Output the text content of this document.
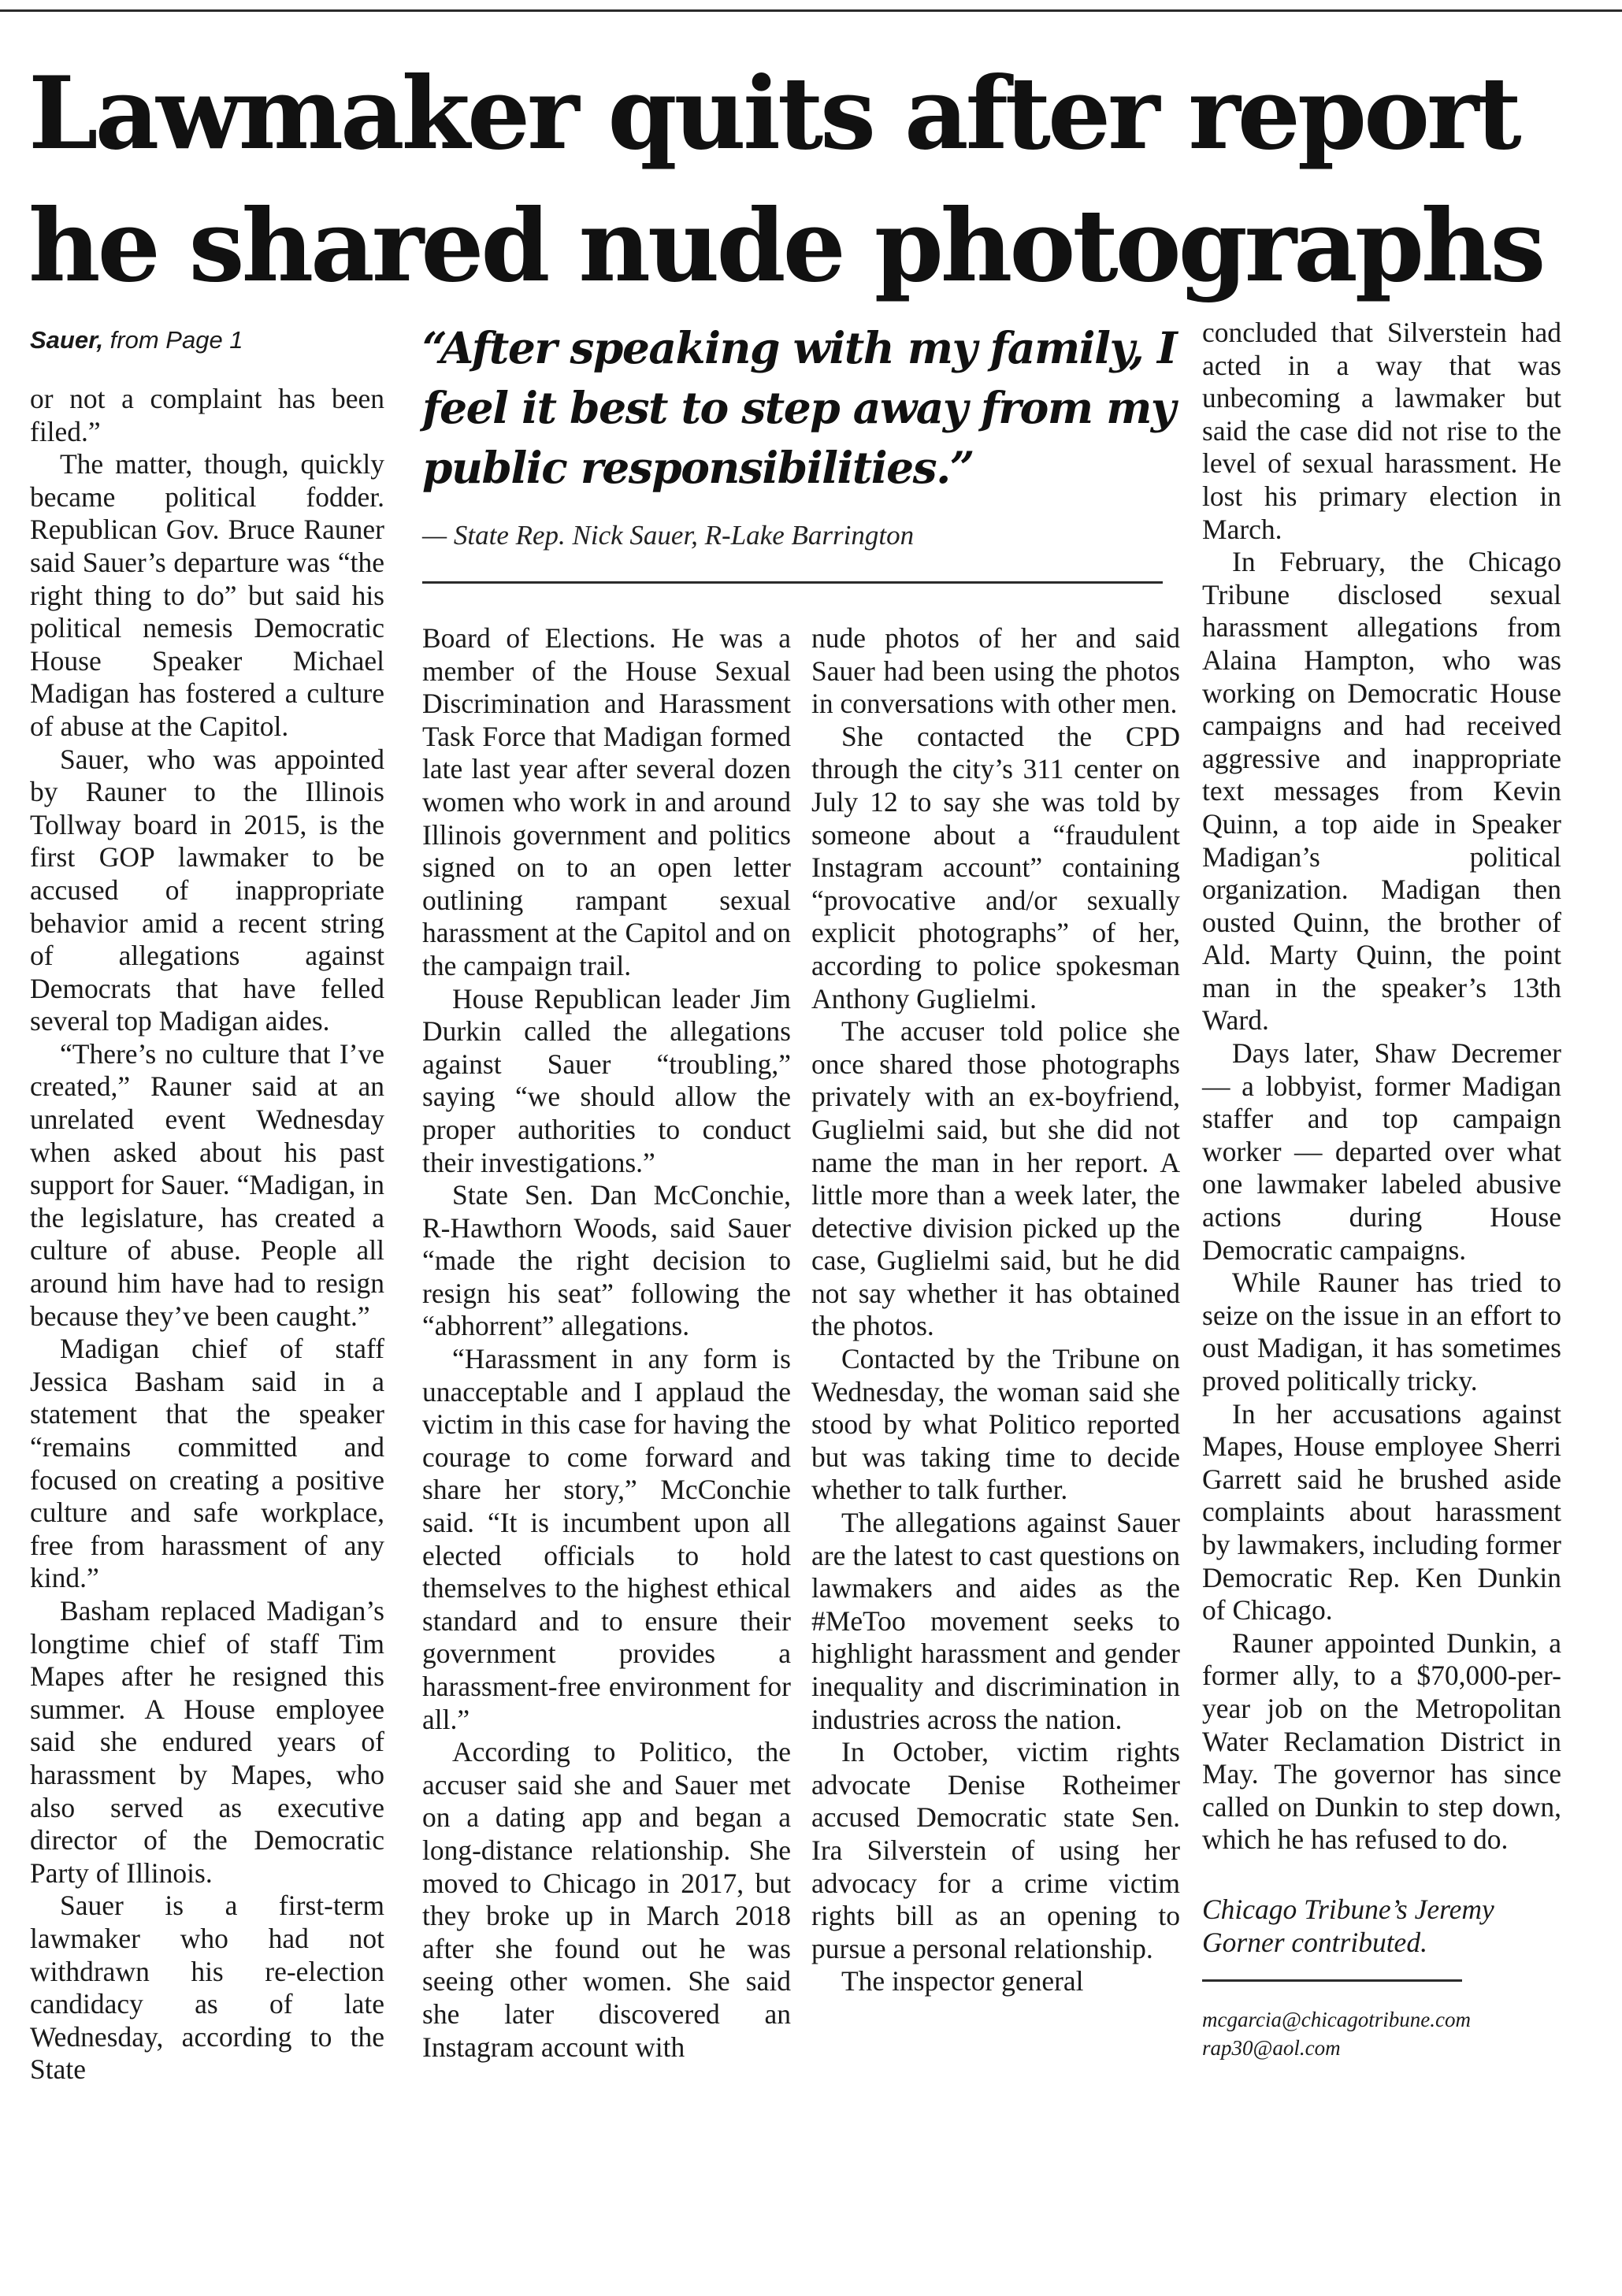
Lawmaker quits after report he shared nude photographs
Sauer, from Page 1

or not a complaint has been filed.”

The matter, though, quickly became political fodder. Republican Gov. Bruce Rauner said Sauer’s departure was “the right thing to do” but said his political nemesis Democratic House Speaker Michael Madigan has fostered a culture of abuse at the Capitol.

Sauer, who was appointed by Rauner to the Illinois Tollway board in 2015, is the first GOP lawmaker to be accused of inappropriate behavior amid a recent string of allegations against Democrats that have felled several top Madigan aides.

“There’s no culture that I’ve created,” Rauner said at an unrelated event Wednesday when asked about his past support for Sauer. “Madigan, in the legislature, has created a culture of abuse. People all around him have had to resign because they’ve been caught.”

Madigan chief of staff Jessica Basham said in a statement that the speaker “remains committed and focused on creating a positive culture and safe workplace, free from harassment of any kind.”

Basham replaced Madigan’s longtime chief of staff Tim Mapes after he resigned this summer. A House employee said she endured years of harassment by Mapes, who also served as executive director of the Democratic Party of Illinois.

Sauer is a first-term lawmaker who had not withdrawn his re-election candidacy as of late Wednesday, according to the State

“After speaking with my family, I feel it best to step away from my public responsibilities.”

— State Rep. Nick Sauer, R-Lake Barrington

Board of Elections. He was a member of the House Sexual Discrimination and Harassment Task Force that Madigan formed late last year after several dozen women who work in and around Illinois government and politics signed on to an open letter outlining rampant sexual harassment at the Capitol and on the campaign trail.

House Republican leader Jim Durkin called the allegations against Sauer “troubling,” saying “we should allow the proper authorities to conduct their investigations.”

State Sen. Dan McConchie, R-Hawthorn Woods, said Sauer “made the right decision to resign his seat” following the “abhorrent” allegations.

“Harassment in any form is unacceptable and I applaud the victim in this case for having the courage to come forward and share her story,” McConchie said. “It is incumbent upon all elected officials to hold themselves to the highest ethical standard and to ensure their government provides a harassment-free environment for all.”

According to Politico, the accuser said she and Sauer met on a dating app and began a long-distance relationship. She moved to Chicago in 2017, but they broke up in March 2018 after she found out he was seeing other women. She said she later discovered an Instagram account with

nude photos of her and said Sauer had been using the photos in conversations with other men.

She contacted the CPD through the city’s 311 center on July 12 to say she was told by someone about a “fraudulent Instagram account” containing “provocative and/or sexually explicit photographs” of her, according to police spokesman Anthony Guglielmi.

The accuser told police she once shared those photographs privately with an ex-boyfriend, Guglielmi said, but she did not name the man in her report. A little more than a week later, the detective division picked up the case, Guglielmi said, but he did not say whether it has obtained the photos.

Contacted by the Tribune on Wednesday, the woman said she stood by what Politico reported but was taking time to decide whether to talk further.

The allegations against Sauer are the latest to cast questions on lawmakers and aides as the #MeToo movement seeks to highlight harassment and gender inequality and discrimination in industries across the nation.

In October, victim rights advocate Denise Rotheimer accused Democratic state Sen. Ira Silverstein of using her advocacy for a crime victim rights bill as an opening to pursue a personal relationship.

The inspector general

concluded that Silverstein had acted in a way that was unbecoming a lawmaker but said the case did not rise to the level of sexual harassment. He lost his primary election in March.

In February, the Chicago Tribune disclosed sexual harassment allegations from Alaina Hampton, who was working on Democratic House campaigns and had received aggressive and inappropriate text messages from Kevin Quinn, a top aide in Speaker Madigan’s political organization. Madigan then ousted Quinn, the brother of Ald. Marty Quinn, the point man in the speaker’s 13th Ward.

Days later, Shaw Decremer — a lobbyist, former Madigan staffer and top campaign worker — departed over what one lawmaker labeled abusive actions during House Democratic campaigns.

While Rauner has tried to seize on the issue in an effort to oust Madigan, it has sometimes proved politically tricky.

In her accusations against Mapes, House employee Sherri Garrett said he brushed aside complaints about harassment by lawmakers, including former Democratic Rep. Ken Dunkin of Chicago.

Rauner appointed Dunkin, a former ally, to a $70,000-per-year job on the Metropolitan Water Reclamation District in May. The governor has since called on Dunkin to step down, which he has refused to do.

Chicago Tribune’s Jeremy Gorner contributed.

mcgarcia@chicagotribune.com

rap30@aol.com
